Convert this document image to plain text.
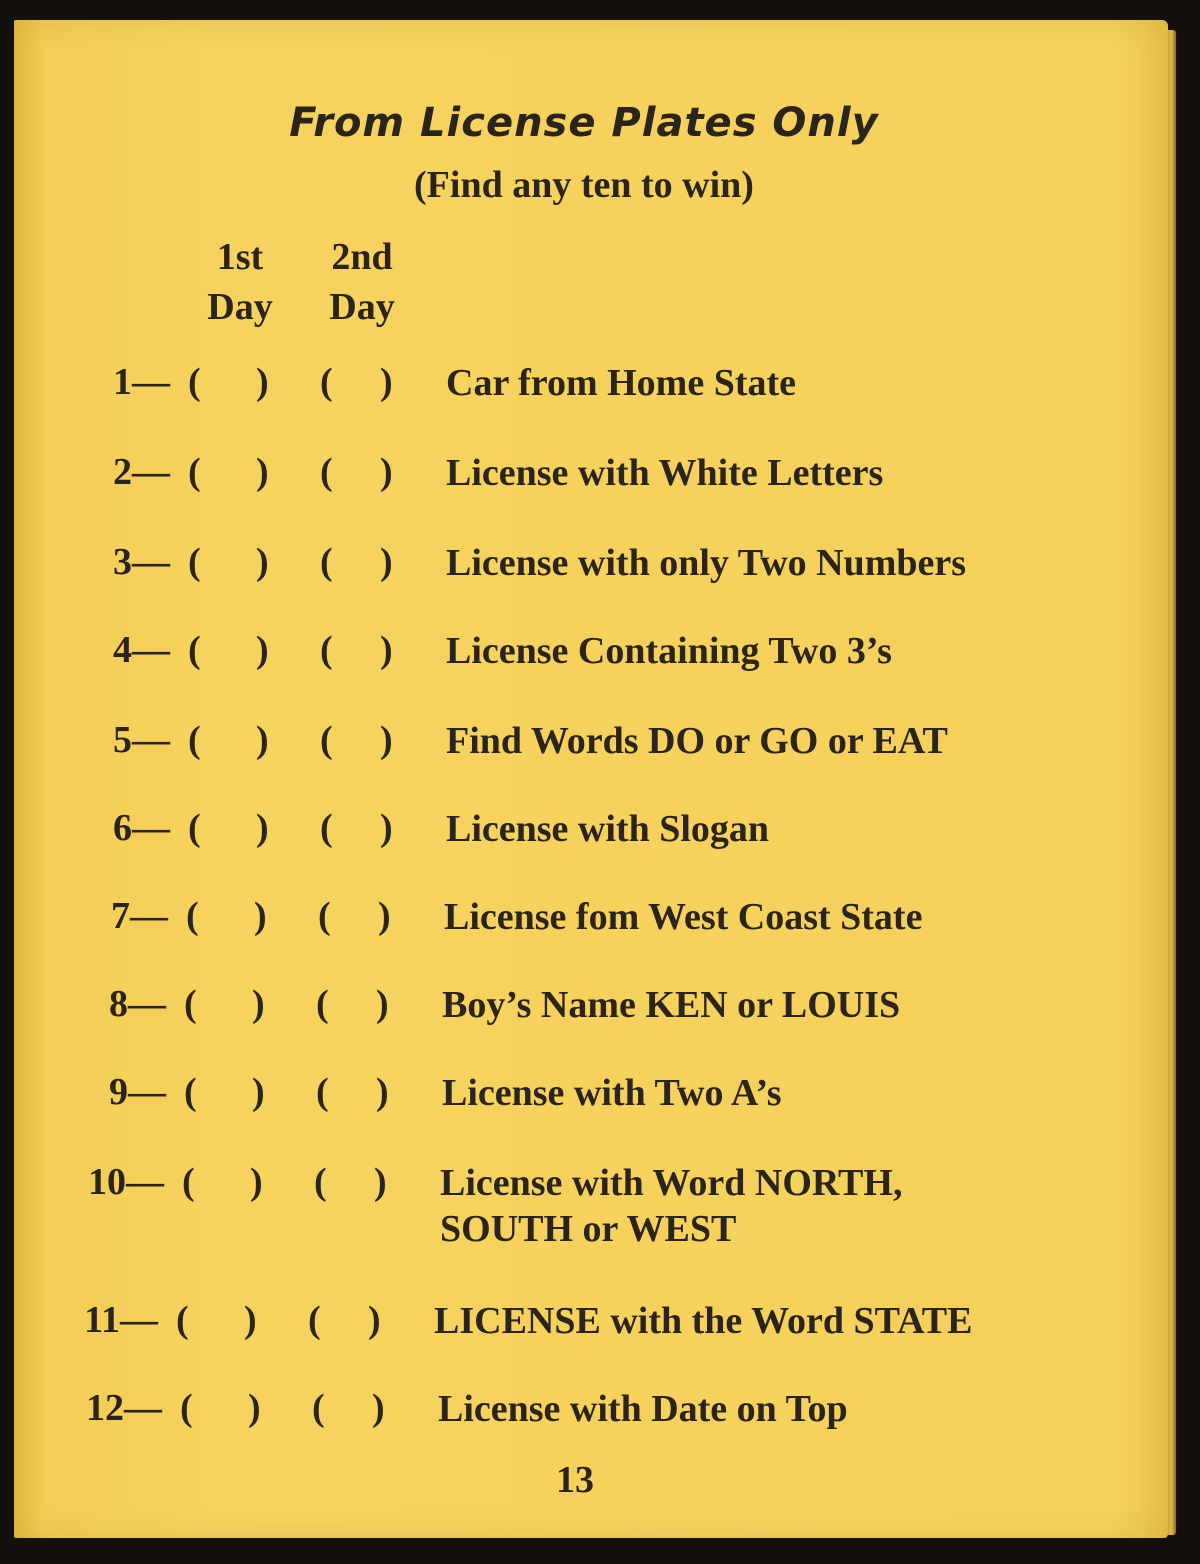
From License Plates Only
(Find any ten to win)
1st
Day
2nd
Day
1— ( ) ( ) Car from Home State
2— ( ) ( ) License with White Letters
3— ( ) ( ) License with only Two Numbers
4— ( ) ( ) License Containing Two 3’s
5— ( ) ( ) Find Words DO or GO or EAT
6— ( ) ( ) License with Slogan
7— ( ) ( ) License fom West Coast State
8— ( ) ( ) Boy’s Name KEN or LOUIS
9— ( ) ( ) License with Two A’s
10— ( ) ( ) License with Word NORTH,
SOUTH or WEST
11— ( ) ( ) LICENSE with the Word STATE
12— ( ) ( ) License with Date on Top
13
